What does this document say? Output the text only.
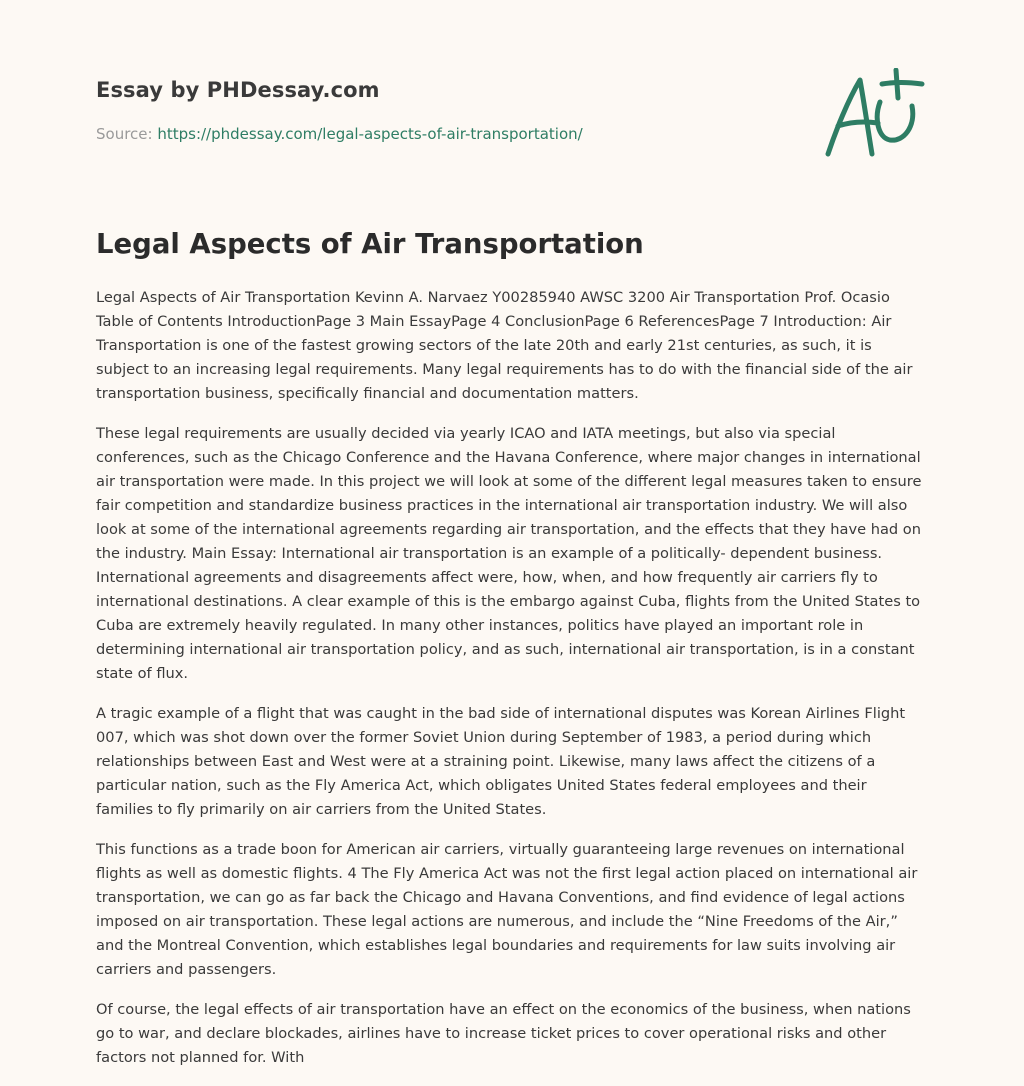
Essay by PHDessay.com
Source: https://phdessay.com/legal-aspects-of-air-transportation/
Legal Aspects of Air Transportation

Legal Aspects of Air Transportation Kevinn A. Narvaez Y00285940 AWSC 3200 Air Transportation Prof. Ocasio Table of Contents IntroductionPage 3 Main EssayPage 4 ConclusionPage 6 ReferencesPage 7 Introduction: Air Transportation is one of the fastest growing sectors of the late 20th and early 21st centuries, as such, it is subject to an increasing legal requirements. Many legal requirements has to do with the financial side of the air transportation business, specifically financial and documentation matters.

These legal requirements are usually decided via yearly ICAO and IATA meetings, but also via special conferences, such as the Chicago Conference and the Havana Conference, where major changes in international air transportation were made. In this project we will look at some of the different legal measures taken to ensure fair competition and standardize business practices in the international air transportation industry. We will also look at some of the international agreements regarding air transportation, and the effects that they have had on the industry. Main Essay: International air transportation is an example of a politically- dependent business. International agreements and disagreements affect were, how, when, and how frequently air carriers fly to international destinations. A clear example of this is the embargo against Cuba, flights from the United States to Cuba are extremely heavily regulated. In many other instances, politics have played an important role in determining international air transportation policy, and as such, international air transportation, is in a constant state of flux.

A tragic example of a flight that was caught in the bad side of international disputes was Korean Airlines Flight 007, which was shot down over the former Soviet Union during September of 1983, a period during which relationships between East and West were at a straining point. Likewise, many laws affect the citizens of a particular nation, such as the Fly America Act, which obligates United States federal employees and their families to fly primarily on air carriers from the United States.

This functions as a trade boon for American air carriers, virtually guaranteeing large revenues on international flights as well as domestic flights. 4 The Fly America Act was not the first legal action placed on international air transportation, we can go as far back the Chicago and Havana Conventions, and find evidence of legal actions imposed on air transportation. These legal actions are numerous, and include the “Nine Freedoms of the Air,” and the Montreal Convention, which establishes legal boundaries and requirements for law suits involving air carriers and passengers.

Of course, the legal effects of air transportation have an effect on the economics of the business, when nations go to war, and declare blockades, airlines have to increase ticket prices to cover operational risks and other factors not planned for. With
